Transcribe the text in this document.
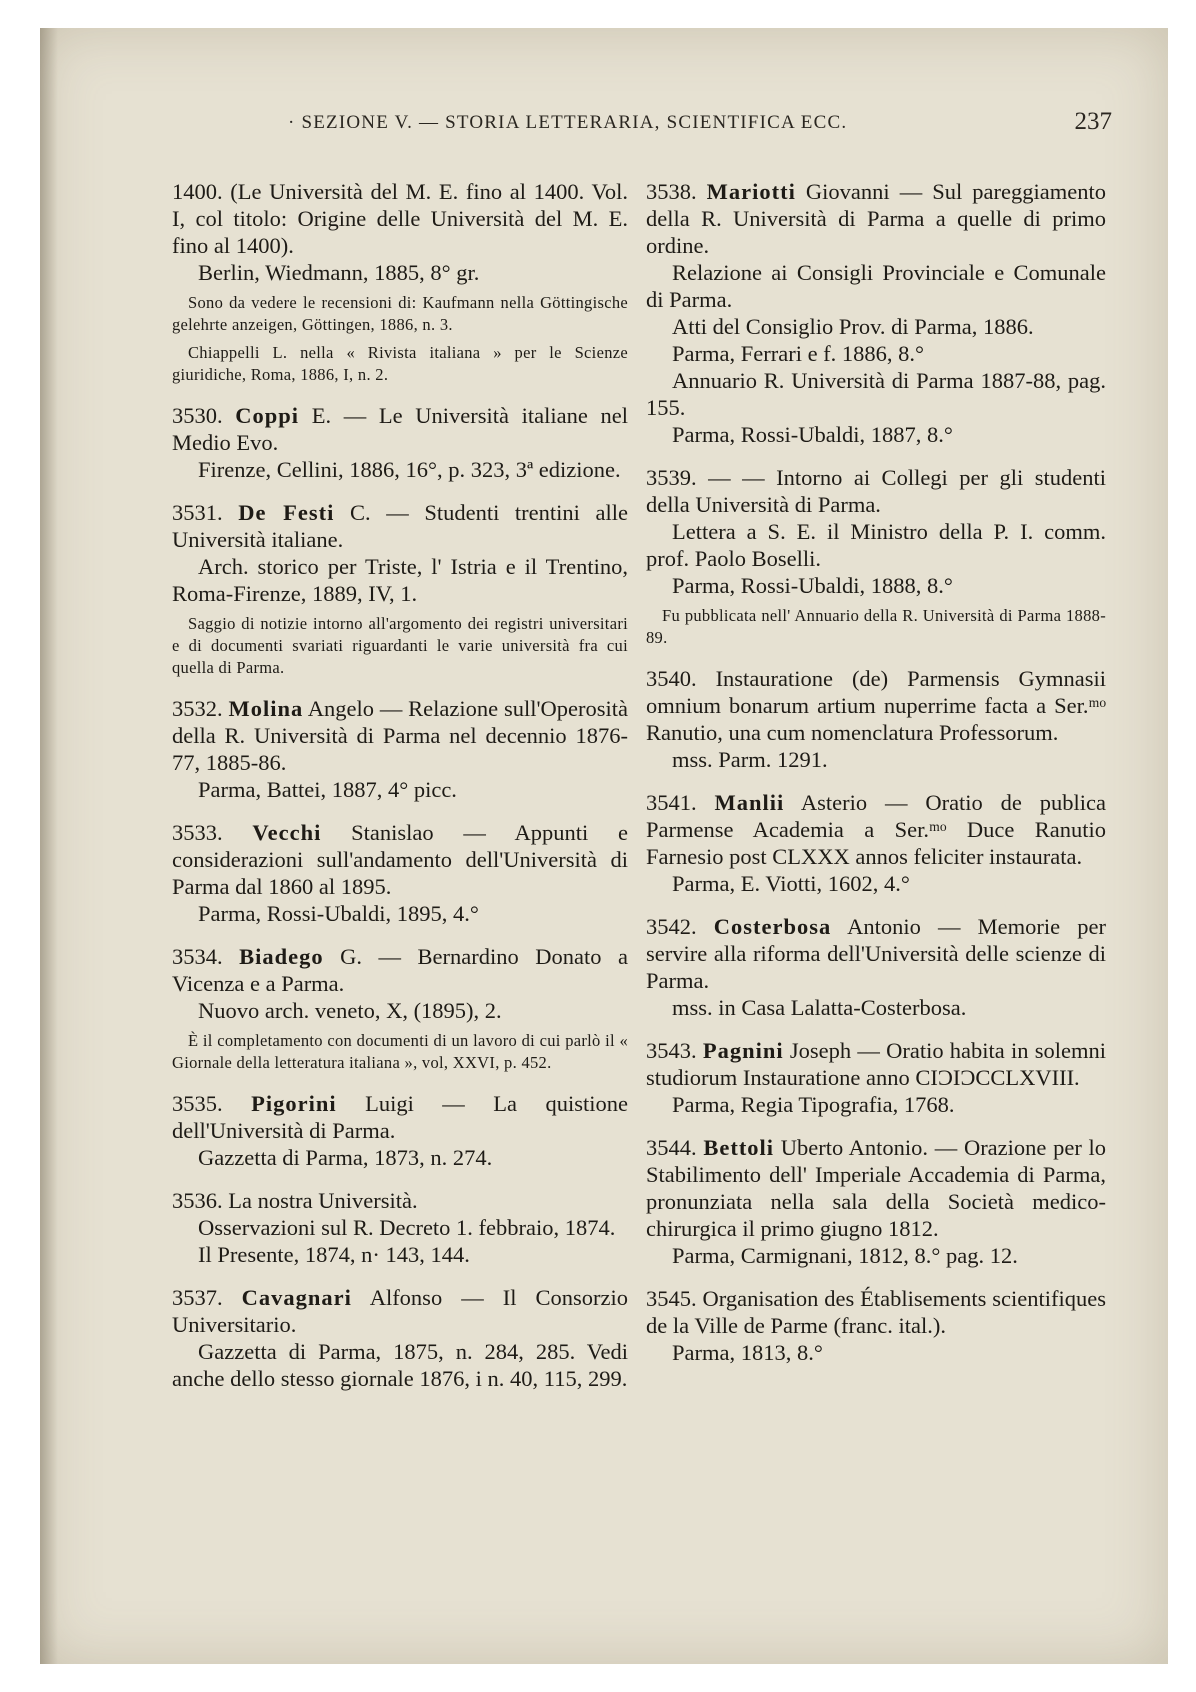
· SEZIONE V. — STORIA LETTERARIA, SCIENTIFICA ECC.	237

1400. (Le Università del M. E. fino al 1400. Vol. I, col titolo: Origine delle Università del M. E. fino al 1400).

Berlin, Wiedmann, 1885, 8° gr.

Sono da vedere le recensioni di: Kaufmann nella Göttingische gelehrte anzeigen, Göttingen, 1886, n. 3.

Chiappelli L. nella « Rivista italiana » per le Scienze giuridiche, Roma, 1886, I, n. 2.

3530. Coppi E. — Le Università italiane nel Medio Evo.

Firenze, Cellini, 1886, 16°, p. 323, 3ª edizione.

3531. De Festi C. — Studenti trentini alle Università italiane.

Arch. storico per Triste, l' Istria e il Trentino, Roma-Firenze, 1889, IV, 1.

Saggio di notizie intorno all'argomento dei registri universitari e di documenti svariati riguardanti le varie università fra cui quella di Parma.

3532. Molina Angelo — Relazione sull'Operosità della R. Università di Parma nel decennio 1876-77, 1885-86.

Parma, Battei, 1887, 4° picc.

3533. Vecchi Stanislao — Appunti e considerazioni sull'andamento dell'Università di Parma dal 1860 al 1895.

Parma, Rossi-Ubaldi, 1895, 4.°

3534. Biadego G. — Bernardino Donato a Vicenza e a Parma.

Nuovo arch. veneto, X, (1895), 2.

È il completamento con documenti di un lavoro di cui parlò il « Giornale della letteratura italiana », vol, XXVI, p. 452.

3535. Pigorini Luigi — La quistione dell'Università di Parma.

Gazzetta di Parma, 1873, n. 274.

3536. La nostra Università.

Osservazioni sul R. Decreto 1. febbraio, 1874.

Il Presente, 1874, n· 143, 144.

3537. Cavagnari Alfonso — Il Consorzio Universitario.

Gazzetta di Parma, 1875, n. 284, 285. Vedi anche dello stesso giornale 1876, i n. 40, 115, 299.

3538. Mariotti Giovanni — Sul pareggiamento della R. Università di Parma a quelle di primo ordine.

Relazione ai Consigli Provinciale e Comunale di Parma.

Atti del Consiglio Prov. di Parma, 1886.

Parma, Ferrari e f. 1886, 8.°

Annuario R. Università di Parma 1887-88, pag. 155.

Parma, Rossi-Ubaldi, 1887, 8.°

3539. — — Intorno ai Collegi per gli studenti della Università di Parma.

Lettera a S. E. il Ministro della P. I. comm. prof. Paolo Boselli.

Parma, Rossi-Ubaldi, 1888, 8.°

Fu pubblicata nell' Annuario della R. Università di Parma 1888-89.

3540. Instauratione (de) Parmensis Gymnasii omnium bonarum artium nuperrime facta a Ser.ᵐᵒ Ranutio, una cum nomenclatura Professorum.

mss. Parm. 1291.

3541. Manlii Asterio — Oratio de publica Parmense Academia a Ser.ᵐᵒ Duce Ranutio Farnesio post CLXXX annos feliciter instaurata.

Parma, E. Viotti, 1602, 4.°

3542. Costerbosa Antonio — Memorie per servire alla riforma dell'Università delle scienze di Parma.

mss. in Casa Lalatta-Costerbosa.

3543. Pagnini Joseph — Oratio habita in solemni studiorum Instauratione anno CIƆIƆCCLXVIII.

Parma, Regia Tipografia, 1768.

3544. Bettoli Uberto Antonio. — Orazione per lo Stabilimento dell' Imperiale Accademia di Parma, pronunziata nella sala della Società medico-chirurgica il primo giugno 1812.

Parma, Carmignani, 1812, 8.° pag. 12.

3545. Organisation des Établisements scientifiques de la Ville de Parme (franc. ital.).

Parma, 1813, 8.°
